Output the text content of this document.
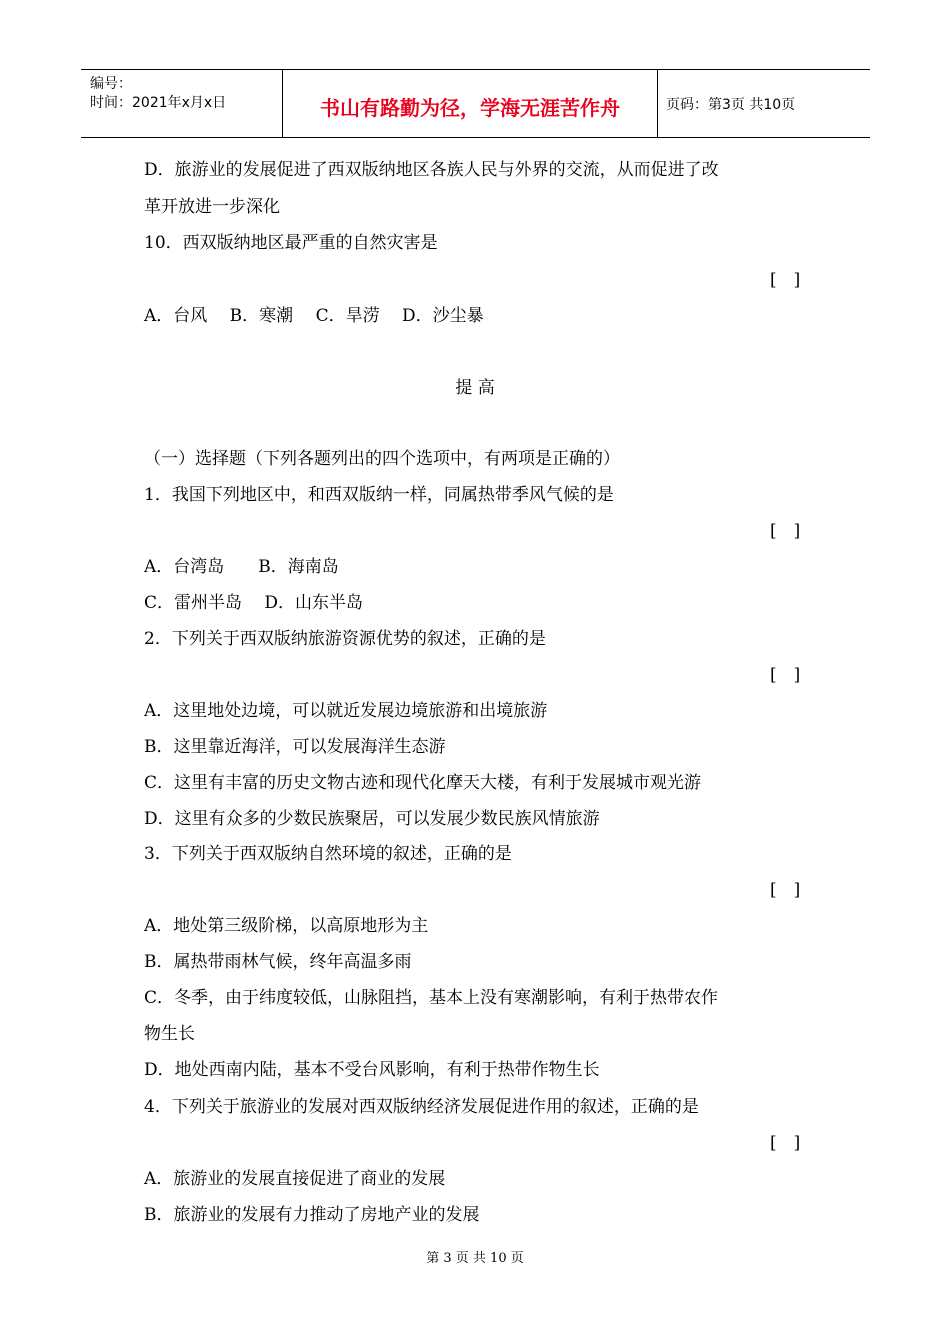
编号：
时间：2021年x月x日	书山有路勤为径，学海无涯苦作舟	页码：第3页 共10页
D．旅游业的发展促进了西双版纳地区各族人民与外界的交流，从而促进了改
革开放进一步深化
10．西双版纳地区最严重的自然灾害是
[　]
A．台风　 B．寒潮　 C．旱涝　 D．沙尘暴
提 高
（一）选择题（下列各题列出的四个选项中，有两项是正确的）
1．我国下列地区中，和西双版纳一样，同属热带季风气候的是
[　]
A．台湾岛　　B．海南岛
C．雷州半岛　 D．山东半岛
2．下列关于西双版纳旅游资源优势的叙述，正确的是
[　]
A．这里地处边境，可以就近发展边境旅游和出境旅游
B．这里靠近海洋，可以发展海洋生态游
C．这里有丰富的历史文物古迹和现代化摩天大楼，有利于发展城市观光游
D．这里有众多的少数民族聚居，可以发展少数民族风情旅游
3．下列关于西双版纳自然环境的叙述，正确的是
[　]
A．地处第三级阶梯，以高原地形为主
B．属热带雨林气候，终年高温多雨
C．冬季，由于纬度较低，山脉阻挡，基本上没有寒潮影响，有利于热带农作
物生长
D．地处西南内陆，基本不受台风影响，有利于热带作物生长
4．下列关于旅游业的发展对西双版纳经济发展促进作用的叙述，正确的是
[　]
A．旅游业的发展直接促进了商业的发展
B．旅游业的发展有力推动了房地产业的发展
第 3 页 共 10 页
